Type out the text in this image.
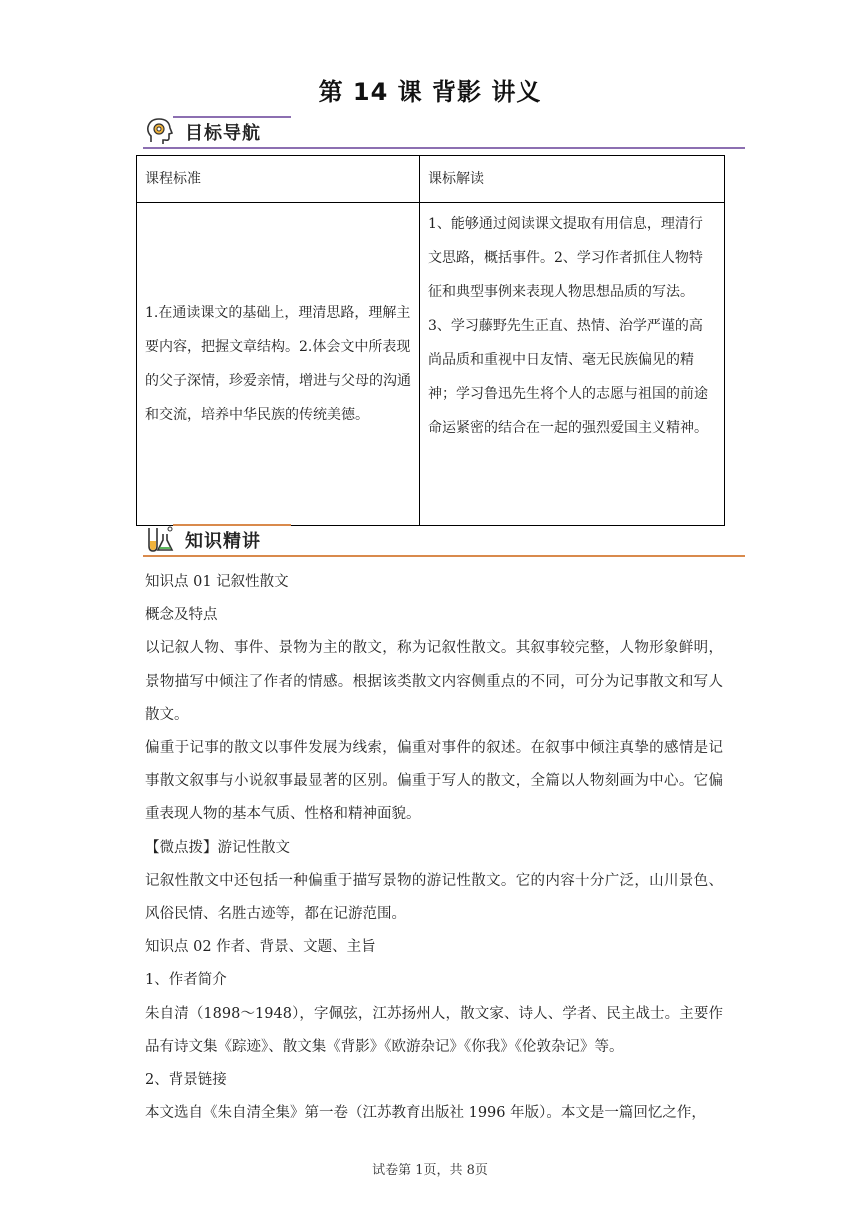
第 14 课 背影 讲义
目标导航
课程标准	课标解读
1.在通读课文的基础上，理清思路，理解主要内容，把握文章结构。2.体会文中所表现的父子深情，珍爱亲情，增进与父母的沟通和交流，培养中华民族的传统美德。	1、能够通过阅读课文提取有用信息，理清行文思路，概括事件。2、学习作者抓住人物特征和典型事例来表现人物思想品质的写法。
3、学习藤野先生正直、热情、治学严谨的高尚品质和重视中日友情、毫无民族偏见的精神；学习鲁迅先生将个人的志愿与祖国的前途命运紧密的结合在一起的强烈爱国主义精神。
知识精讲

知识点 01 记叙性散文

概念及特点

以记叙人物、事件、景物为主的散文，称为记叙性散文。其叙事较完整，人物形象鲜明，景物描写中倾注了作者的情感。根据该类散文内容侧重点的不同，可分为记事散文和写人散文。

偏重于记事的散文以事件发展为线索，偏重对事件的叙述。在叙事中倾注真挚的感情是记事散文叙事与小说叙事最显著的区别。偏重于写人的散文，全篇以人物刻画为中心。它偏重表现人物的基本气质、性格和精神面貌。

【微点拨】游记性散文

记叙性散文中还包括一种偏重于描写景物的游记性散文。它的内容十分广泛，山川景色、风俗民情、名胜古迹等，都在记游范围。

知识点 02 作者、背景、文题、主旨

1、作者简介

朱自清（1898～1948），字佩弦，江苏扬州人，散文家、诗人、学者、民主战士。主要作品有诗文集《踪迹》、散文集《背影》《欧游杂记》《你我》《伦敦杂记》等。

2、背景链接

本文选自《朱自清全集》第一卷（江苏教育出版社 1996 年版）。本文是一篇回忆之作，

试卷第 1页，共 8页
